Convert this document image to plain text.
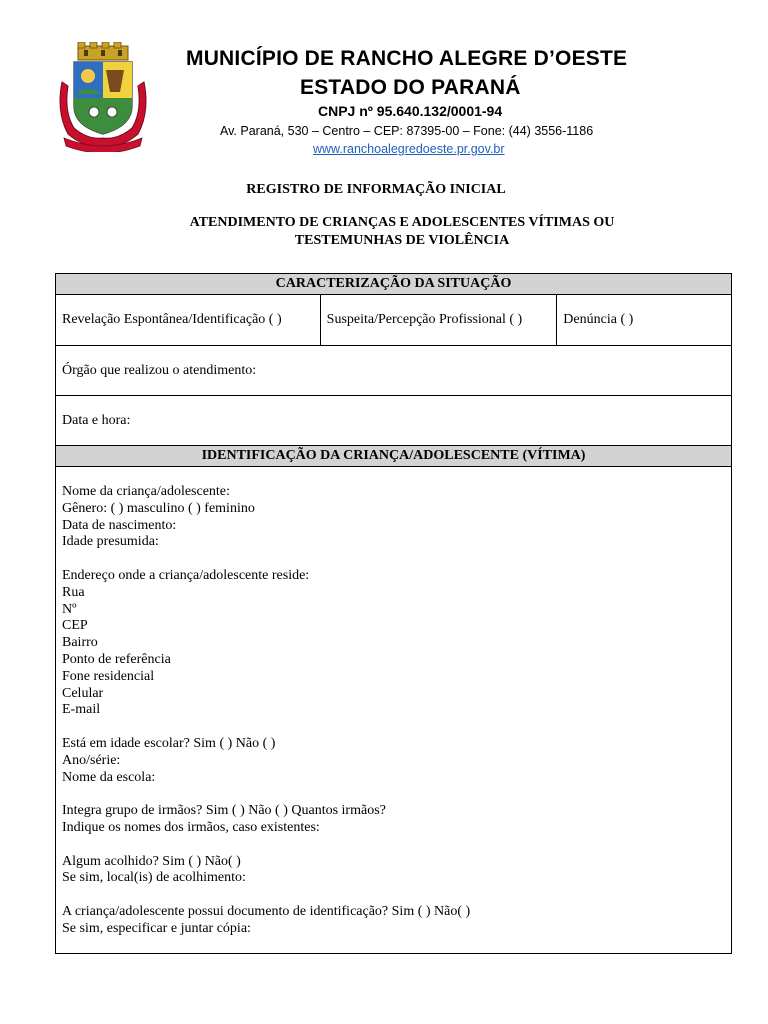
MUNICÍPIO DE RANCHO ALEGRE D’OESTE
ESTADO DO PARANÁ
CNPJ nº 95.640.132/0001-94
Av. Paraná, 530 – Centro – CEP: 87395-00 – Fone: (44) 3556-1186
www.ranchoalegredoeste.pr.gov.br
REGISTRO DE INFORMAÇÃO INICIAL
ATENDIMENTO DE CRIANÇAS E ADOLESCENTES VÍTIMAS OU
TESTEMUNHAS DE VIOLÊNCIA
CARACTERIZAÇÃO DA SITUAÇÃO
Revelação Espontânea/Identificação ( )	Suspeita/Percepção Profissional ( )	Denúncia ( )
Órgão que realizou o atendimento:
Data e hora:
IDENTIFICAÇÃO DA CRIANÇA/ADOLESCENTE (VÍTIMA)

Nome da criança/adolescente:
Gênero: ( ) masculino ( ) feminino
Data de nascimento:
Idade presumida:
Endereço onde a criança/adolescente reside:
Rua
Nº
CEP
Bairro
Ponto de referência
Fone residencial
Celular
E-mail
Está em idade escolar? Sim ( ) Não ( )
Ano/série:
Nome da escola:
Integra grupo de irmãos? Sim ( ) Não ( ) Quantos irmãos?
Indique os nomes dos irmãos, caso existentes:
Algum acolhido? Sim ( ) Não( )
Se sim, local(is) de acolhimento:
A criança/adolescente possui documento de identificação? Sim ( ) Não( )
Se sim, especificar e juntar cópia:
